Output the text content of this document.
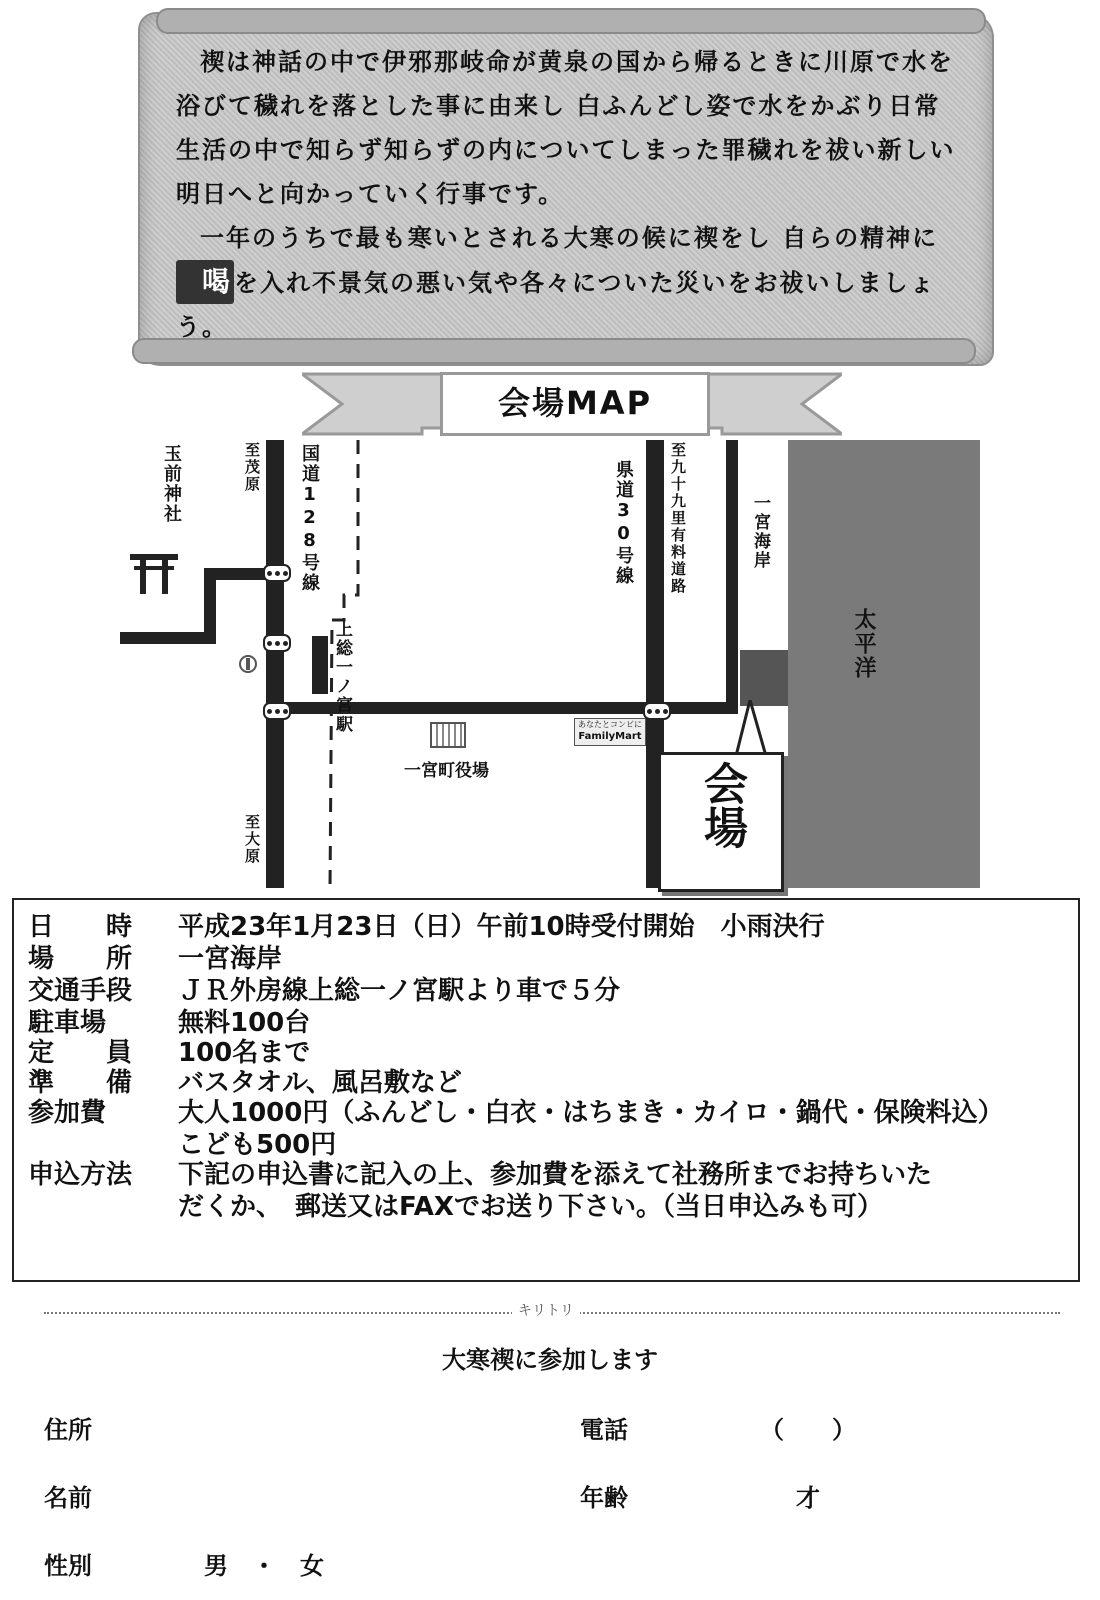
禊は神話の中で伊邪那岐命が黄泉の国から帰るときに川原で水を浴びて穢れを落とした事に由来し 白ふんどし姿で水をかぶり日常生活の中で知らず知らずの内についてしまった罪穢れを祓い新しい明日へと向かっていく行事です。

一年のうちで最も寒いとされる大寒の候に禊をし 自らの精神に喝を入れ不景気の悪い気や各々についた災いをお祓いしましょう。

会場MAP
玉前神社	至茂原
至大原
国道128号線
上総一ノ宮駅
県道30号線 至九十九里有料道路	一宮海岸
太平洋
会場
一宮町役場
あなたとコンビに
FamilyMart
日　　時 平成23年1月23日（日）午前10時受付開始　小雨決行
場　　所 一宮海岸
交通手段 ＪＲ外房線上総一ノ宮駅より車で５分
駐車場	無料100台
定　　員 100名まで
準　　備 バスタオル、風呂敷など
参加費	大人1000円（ふんどし・白衣・はちまき・カイロ・鍋代・保険料込）
こども500円
申込方法 下記の申込書に記入の上、参加費を添えて社務所までお持ちいた
だくか、　郵送又はFAXでお送り下さい。（当日申込みも可）
キリトリ
大寒禊に参加します
住所	電話	（　　）
名前	年齢	才
性別	男　・　女
